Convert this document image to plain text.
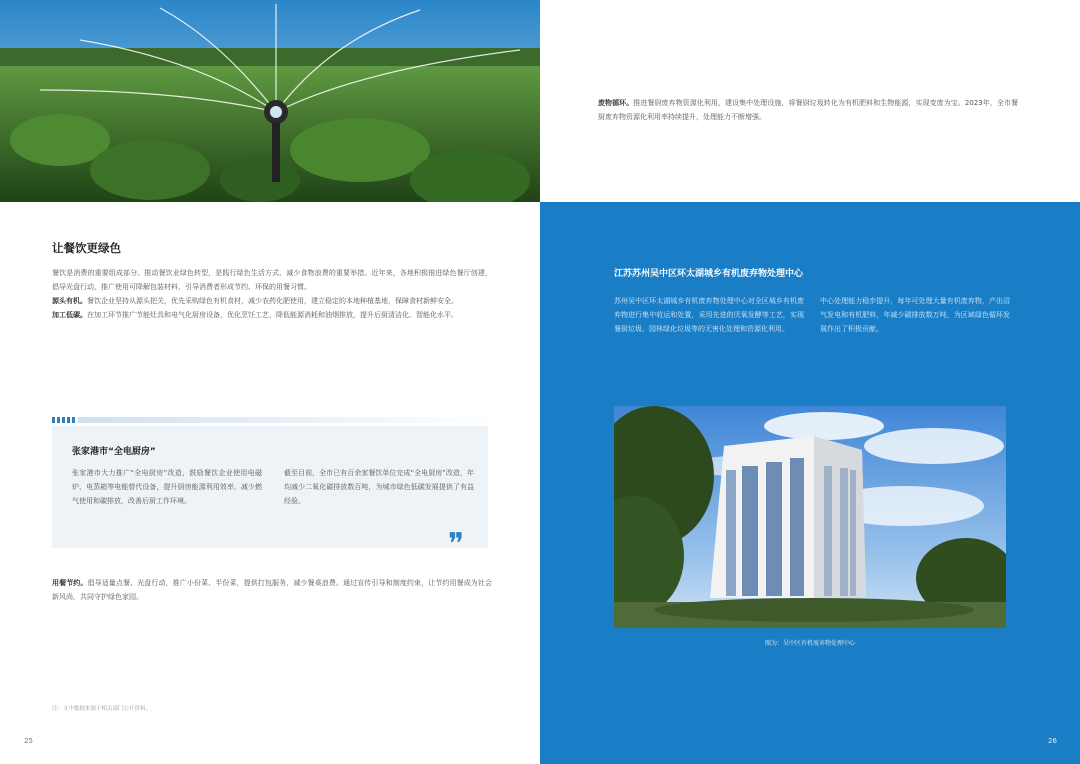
让餐饮更绿色

餐饮是消费的重要组成部分。推动餐饮业绿色转型，是践行绿色生活方式、减少食物浪费的重要举措。近年来，各地积极推进绿色餐厅创建，倡导光盘行动，推广使用可降解包装材料，引导消费者形成节约、环保的用餐习惯。

源头有机。餐饮企业坚持从源头把关，优先采购绿色有机食材，减少农药化肥使用，建立稳定的本地种植基地，保障食材新鲜安全。

加工低碳。在加工环节推广节能灶具和电气化厨房设备，优化烹饪工艺，降低能源消耗和油烟排放，提升后厨清洁化、智能化水平。

张家港市“全电厨房”

张家港市大力推广“全电厨房”改造，鼓励餐饮企业使用电磁炉、电蒸箱等电能替代设备，提升厨房能源利用效率，减少燃气使用和碳排放，改善后厨工作环境。

截至目前，全市已有百余家餐饮单位完成“全电厨房”改造，年均减少二氧化碳排放数百吨，为城市绿色低碳发展提供了有益经验。

❞

用餐节约。倡导适量点餐、光盘行动，推广小份菜、半份菜，提供打包服务，减少餐桌浪费。通过宣传引导和制度约束，让节约用餐成为社会新风尚，共同守护绿色家园。

注：文中数据来源于相关部门公开资料。
25

废物循环。推进餐厨废弃物资源化利用，建设集中处理设施，将餐厨垃圾转化为有机肥料和生物能源，实现变废为宝。2023年，全市餐厨废弃物资源化利用率持续提升，处理能力不断增强。

江苏苏州吴中区环太湖城乡有机废弃物处理中心

苏州吴中区环太湖城乡有机废弃物处理中心对全区城乡有机废弃物进行集中收运和处置，采用先进的厌氧发酵等工艺，实现餐厨垃圾、园林绿化垃圾等的无害化处理和资源化利用。

中心处理能力稳步提升，每年可处理大量有机废弃物，产出沼气发电和有机肥料，年减少碳排放数万吨，为区域绿色循环发展作出了积极贡献。

图为：吴中区有机废弃物处理中心
26
